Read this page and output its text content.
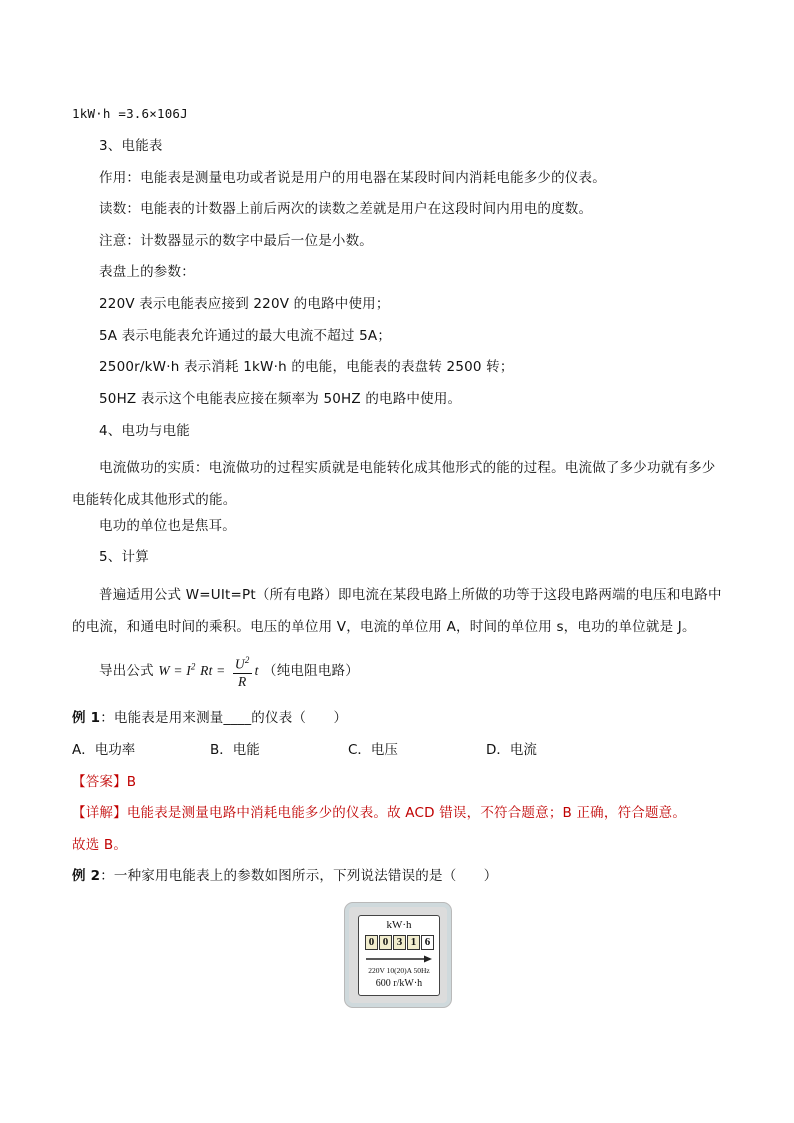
1kW·h =3.6×106J
3、电能表
作用：电能表是测量电功或者说是用户的用电器在某段时间内消耗电能多少的仪表。
读数：电能表的计数器上前后两次的读数之差就是用户在这段时间内用电的度数。
注意：计数器显示的数字中最后一位是小数。
表盘上的参数：
220V 表示电能表应接到 220V 的电路中使用；
5A 表示电能表允许通过的最大电流不超过 5A；
2500r/kW·h 表示消耗 1kW·h 的电能，电能表的表盘转 2500 转；
50HZ 表示这个电能表应接在频率为 50HZ 的电路中使用。
4、电功与电能
电流做功的实质：电流做功的过程实质就是电能转化成其他形式的能的过程。电流做了多少功就有多少电能转化成其他形式的能。
电功的单位也是焦耳。
5、计算
普遍适用公式 W=UIt=Pt（所有电路）即电流在某段电路上所做的功等于这段电路两端的电压和电路中的电流，和通电时间的乘积。电压的单位用 V，电流的单位用 A，时间的单位用 s，电功的单位就是 J。
导出公式 $W = I^2$ $Rt = \frac{U^2}{R}$ t （纯电阻电路）
例 1：电能表是用来测量____的仪表（　　）
A．电功率	B．电能	C．电压	D．电流
【答案】B
【详解】电能表是测量电路中消耗电能多少的仪表。故 ACD 错误，不符合题意；B 正确，符合题意。
故选 B。
例 2：一种家用电能表上的参数如图所示，下列说法错误的是（　　）
kW·h
0 0 3 1 6
220V 10(20)A 50Hz
600 r/kW·h
